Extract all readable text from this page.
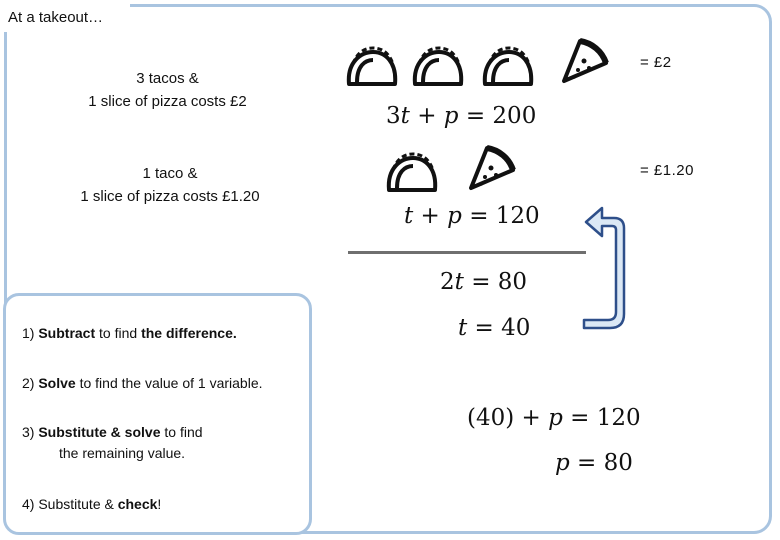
At a takeout…
3 tacos &
1 slice of pizza costs £2
= £2
3t + p = 200
1 taco &
1 slice of pizza costs £1.20
= £1.20
t + p = 120
2t = 80
t = 40
(40) + p = 120
p = 80
1) Subtract to find the difference.
2) Solve to find the value of 1 variable.
3) Substitute & solve to find
the remaining value.
4) Substitute & check!
